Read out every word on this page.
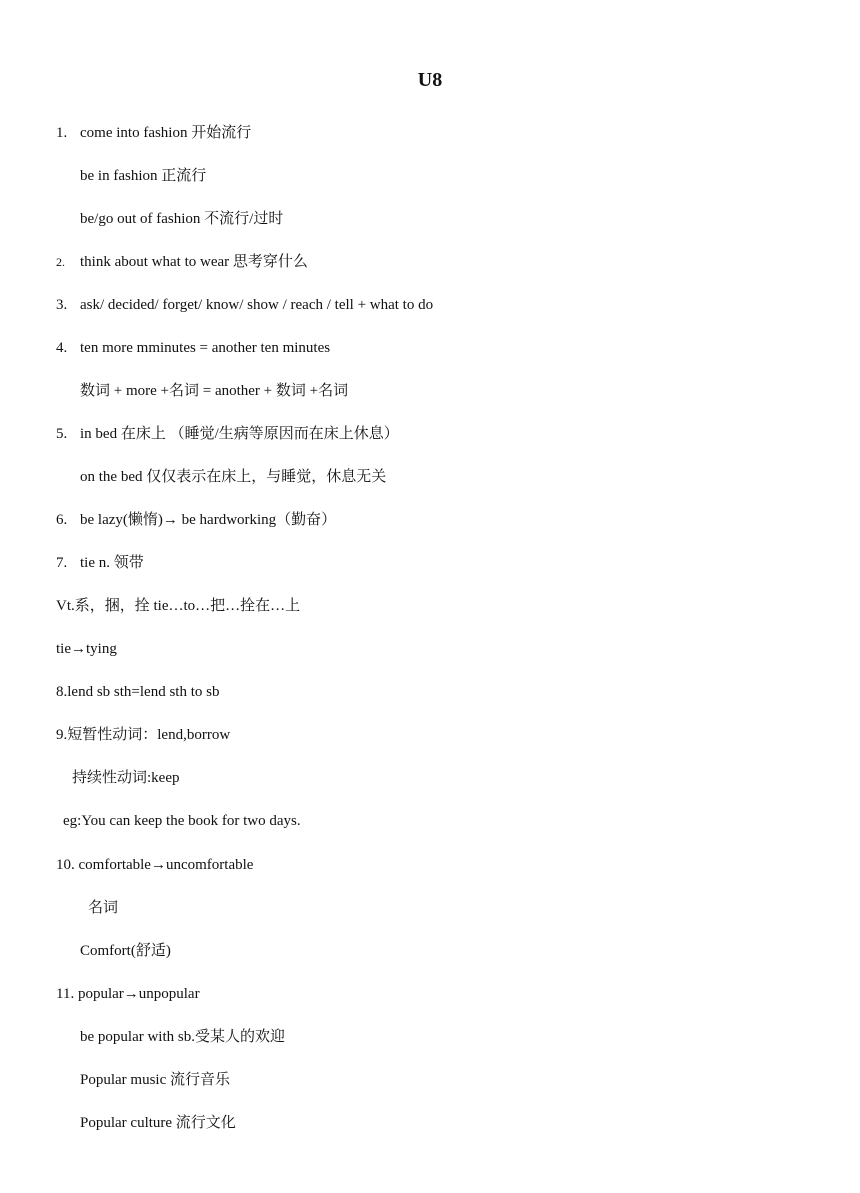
U8
1. come into fashion 开始流行
be in fashion 正流行
be/go out of fashion 不流行/过时
2. think about what to wear 思考穿什么
3. ask/ decided/ forget/ know/ show / reach / tell + what to do
4. ten more mminutes = another ten minutes
数词 + more +名词 = another + 数词 +名词
5. in bed 在床上 （睡觉/生病等原因而在床上休息）
on the bed 仅仅表示在床上，与睡觉，休息无关
6. be lazy(懒惰)→ be hardworking（勤奋）
7. tie n. 领带
Vt.系，捆，拴 tie…to…把…拴在…上
tie→tying
8.lend sb sth=lend sth to sb
9.短暂性动词：lend,borrow
持续性动词:keep
eg:You can keep the book for two days.
10. comfortable→uncomfortable
名词
Comfort(舒适)
11. popular→unpopular
be popular with sb.受某人的欢迎
Popular music 流行音乐
Popular culture 流行文化
